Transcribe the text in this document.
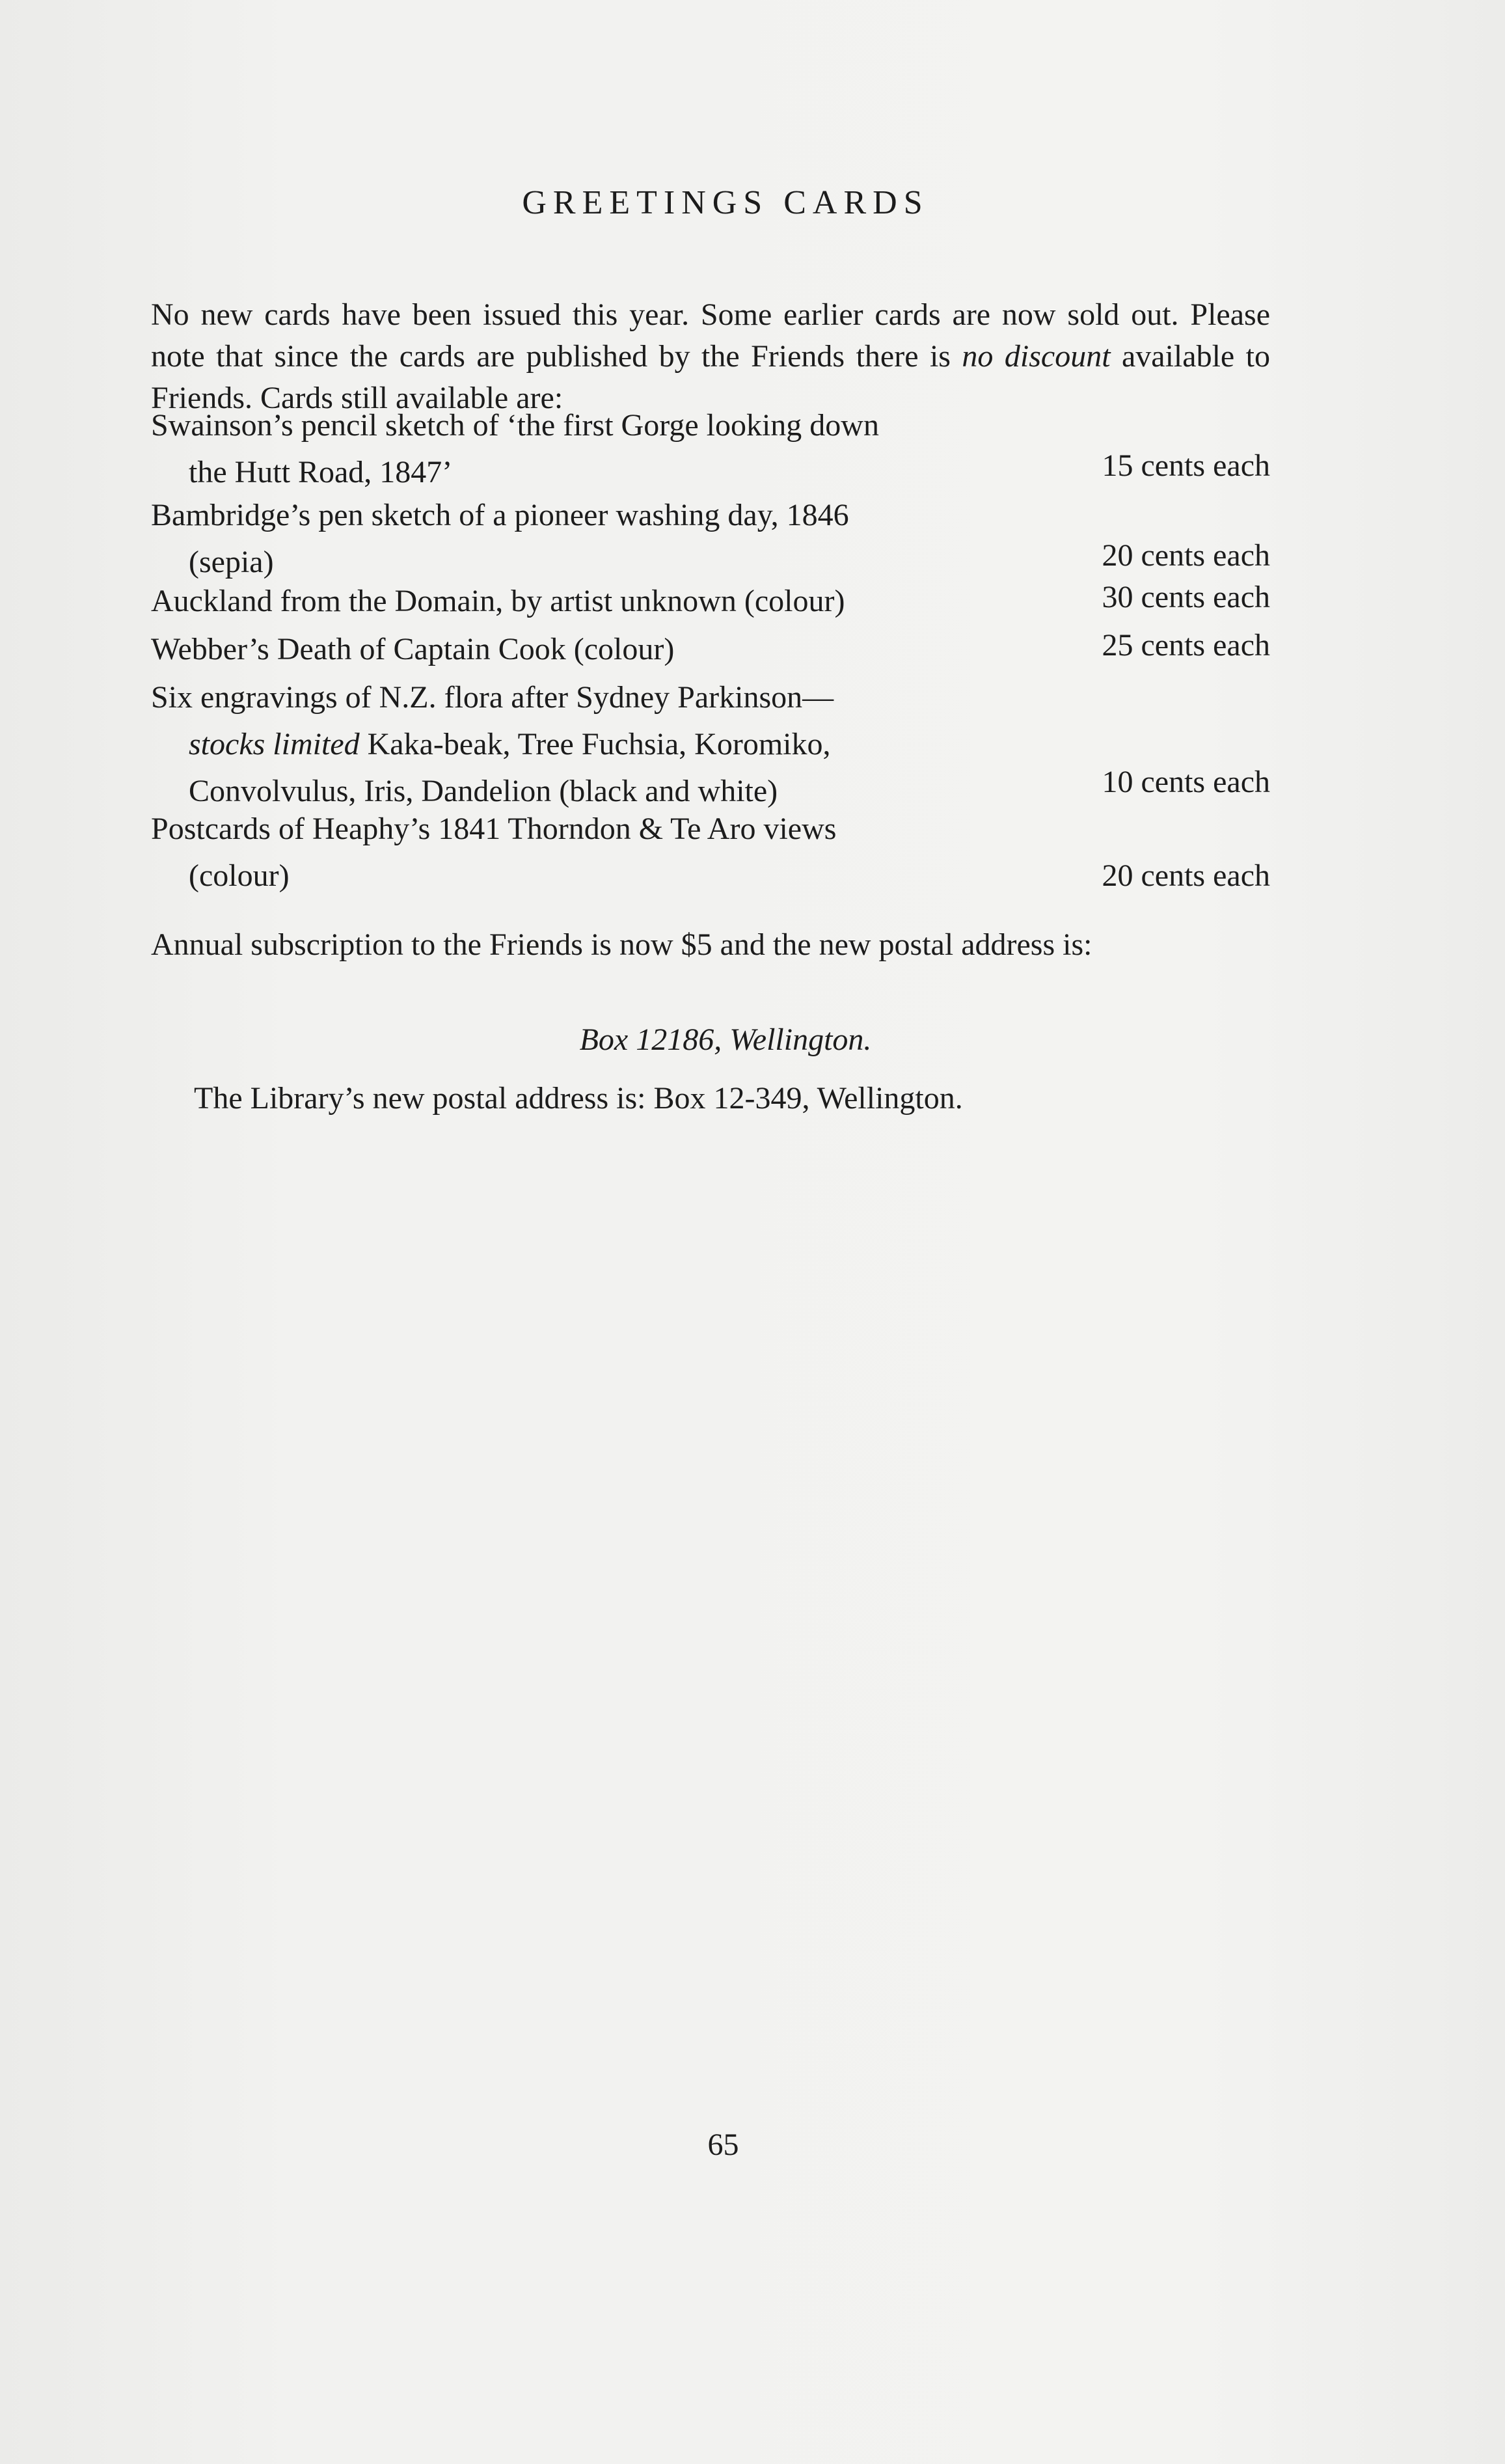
GREETINGS CARDS

No new cards have been issued this year. Some earlier cards are now sold out. Please note that since the cards are published by the Friends there is no discount available to Friends. Cards still available are:

Swainson’s pencil sketch of ‘the first Gorge looking down
the Hutt Road, 1847’	15 cents each
Bambridge’s pen sketch of a pioneer washing day, 1846
(sepia)	20 cents each
Auckland from the Domain, by artist unknown (colour)	30 cents each
Webber’s Death of Captain Cook (colour)	25 cents each
Six engravings of N.Z. flora after Sydney Parkinson—
stocks limited Kaka-beak, Tree Fuchsia, Koromiko,
Convolvulus, Iris, Dandelion (black and white)	10 cents each
Postcards of Heaphy’s 1841 Thorndon & Te Aro views
(colour)	20 cents each

Annual subscription to the Friends is now $5 and the new postal address is:

Box 12186, Wellington.
The Library’s new postal address is: Box 12-349, Wellington.
65
